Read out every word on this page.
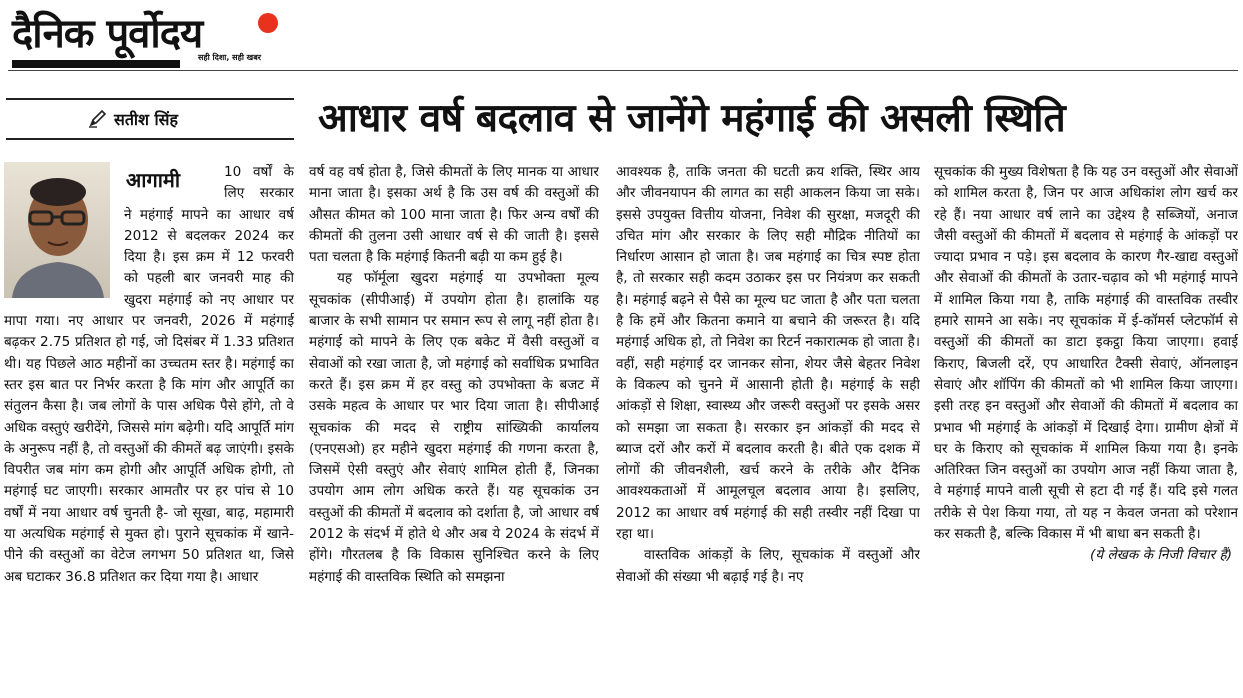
दैनिक पूर्वोदय
सही दिशा, सही खबर
सतीश सिंह	आधार वर्ष बदलाव से जानेंगे महंगाई की असली स्थिति
10 वर्षों के लिए सरकार ने महंगाई मापने का आधार वर्ष 2012 से बदलकर 2024 कर दिया है। इस क्रम में 12 फरवरी को पहली बार जनवरी माह की खुदरा महंगाई को नए आधार पर मापा गया। नए आधार पर जनवरी, 2026 में महंगाई बढ़कर 2.75 प्रतिशत हो गई, जो दिसंबर में 1.33 प्रतिशत थी। यह पिछले आठ महीनों का उच्चतम स्तर है। महंगाई का स्तर इस बात पर निर्भर करता है कि मांग और आपूर्ति का संतुलन कैसा है। जब लोगों के पास अधिक पैसे होंगे, तो वे अधिक वस्तुएं खरीदेंगे, जिससे मांग बढ़ेगी। यदि आपूर्ति मांग के अनुरूप नहीं है, तो वस्तुओं की कीमतें बढ़ जाएंगी। इसके विपरीत जब मांग कम होगी और आपूर्ति अधिक होगी, तो महंगाई घट जाएगी। सरकार आमतौर पर हर पांच से 10 वर्षों में नया आधार वर्ष चुनती है- जो सूखा, बाढ़, महामारी या अत्यधिक महंगाई से मुक्त हो। पुराने सूचकांक में खाने-पीने की वस्तुओं का वेटेज लगभग 50 प्रतिशत था, जिसे अब घटाकर 36.8 प्रतिशत कर दिया गया है। आधार
आगामी	वर्ष वह वर्ष होता है, जिसे कीमतों के लिए मानक या आधार माना जाता है। इसका अर्थ है कि उस वर्ष की वस्तुओं की औसत कीमत को 100 माना जाता है। फिर अन्य वर्षों की कीमतों की तुलना उसी आधार वर्ष से की जाती है। इससे पता चलता है कि महंगाई कितनी बढ़ी या कम हुई है।

यह फॉर्मूला खुदरा महंगाई या उपभोक्ता मूल्य सूचकांक (सीपीआई) में उपयोग होता है। हालांकि यह बाजार के सभी सामान पर समान रूप से लागू नहीं होता है। महंगाई को मापने के लिए एक बकेट में वैसी वस्तुओं व सेवाओं को रखा जाता है, जो महंगाई को सर्वाधिक प्रभावित करते हैं। इस क्रम में हर वस्तु को उपभोक्ता के बजट में उसके महत्व के आधार पर भार दिया जाता है। सीपीआई सूचकांक की मदद से राष्ट्रीय सांख्यिकी कार्यालय (एनएसओ) हर महीने खुदरा महंगाई की गणना करता है, जिसमें ऐसी वस्तुएं और सेवाएं शामिल होती हैं, जिनका उपयोग आम लोग अधिक करते हैं। यह सूचकांक उन वस्तुओं की कीमतों में बदलाव को दर्शाता है, जो आधार वर्ष 2012 के संदर्भ में होते थे और अब ये 2024 के संदर्भ में होंगे। गौरतलब है कि विकास सुनिश्चित करने के लिए महंगाई की वास्तविक स्थिति को समझना

आवश्यक है, ताकि जनता की घटती क्रय शक्ति, स्थिर आय और जीवनयापन की लागत का सही आकलन किया जा सके। इससे उपयुक्त वित्तीय योजना, निवेश की सुरक्षा, मजदूरी की उचित मांग और सरकार के लिए सही मौद्रिक नीतियों का निर्धारण आसान हो जाता है। जब महंगाई का चित्र स्पष्ट होता है, तो सरकार सही कदम उठाकर इस पर नियंत्रण कर सकती है। महंगाई बढ़ने से पैसे का मूल्य घट जाता है और पता चलता है कि हमें और कितना कमाने या बचाने की जरूरत है। यदि महंगाई अधिक हो, तो निवेश का रिटर्न नकारात्मक हो जाता है। वहीं, सही महंगाई दर जानकर सोना, शेयर जैसे बेहतर निवेश के विकल्प को चुनने में आसानी होती है। महंगाई के सही आंकड़ों से शिक्षा, स्वास्थ्य और जरूरी वस्तुओं पर इसके असर को समझा जा सकता है। सरकार इन आंकड़ों की मदद से ब्याज दरों और करों में बदलाव करती है। बीते एक दशक में लोगों की जीवनशैली, खर्च करने के तरीके और दैनिक आवश्यकताओं में आमूलचूल बदलाव आया है। इसलिए, 2012 का आधार वर्ष महंगाई की सही तस्वीर नहीं दिखा पा रहा था।

वास्तविक आंकड़ों के लिए, सूचकांक में वस्तुओं और सेवाओं की संख्या भी बढ़ाई गई है। नए

सूचकांक की मुख्य विशेषता है कि यह उन वस्तुओं और सेवाओं को शामिल करता है, जिन पर आज अधिकांश लोग खर्च कर रहे हैं। नया आधार वर्ष लाने का उद्देश्य है सब्जियों, अनाज जैसी वस्तुओं की कीमतों में बदलाव से महंगाई के आंकड़ों पर ज्यादा प्रभाव न पड़े। इस बदलाव के कारण गैर-खाद्य वस्तुओं और सेवाओं की कीमतों के उतार-चढ़ाव को भी महंगाई मापने में शामिल किया गया है, ताकि महंगाई की वास्तविक तस्वीर हमारे सामने आ सके। नए सूचकांक में ई-कॉमर्स प्लेटफॉर्म से वस्तुओं की कीमतों का डाटा इकट्ठा किया जाएगा। हवाई किराए, बिजली दरें, एप आधारित टैक्सी सेवाएं, ऑनलाइन सेवाएं और शॉपिंग की कीमतों को भी शामिल किया जाएगा। इसी तरह इन वस्तुओं और सेवाओं की कीमतों में बदलाव का प्रभाव भी महंगाई के आंकड़ों में दिखाई देगा। ग्रामीण क्षेत्रों में घर के किराए को सूचकांक में शामिल किया गया है। इनके अतिरिक्त जिन वस्तुओं का उपयोग आज नहीं किया जाता है, वे महंगाई मापने वाली सूची से हटा दी गई हैं। यदि इसे गलत तरीके से पेश किया गया, तो यह न केवल जनता को परेशान कर सकती है, बल्कि विकास में भी बाधा बन सकती है।

(ये लेखक के निजी विचार हैं)
